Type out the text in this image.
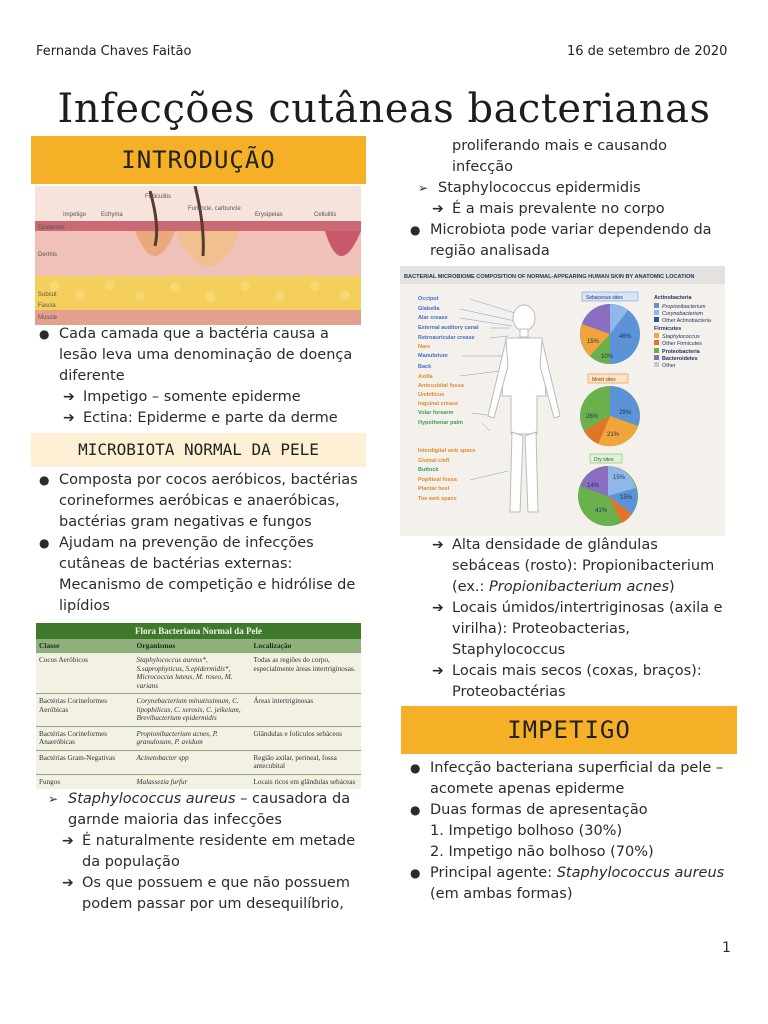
Fernanda Chaves Faitão	16 de setembro de 2020
Infecções cutâneas bacterianas
INTRODUÇÃO
Impetigo Echyma
Folliculitis
Furuncle, carbuncle
Erysipelas	Cellulitis
Epidermis
Dermis
Subcut
Fascia
Muscle
● Cada camada que a bactéria causa a lesão leva uma denominação de doença diferente
➔ Impetigo – somente epiderme
➔ Ectina: Epiderme e parte da derme
MICROBIOTA NORMAL DA PELE
● Composta por cocos aeróbicos, bactérias corineformes aeróbicas e anaeróbicas, bactérias gram negativas e fungos
● Ajudam na prevenção de infecções cutâneas de bactérias externas: Mecanismo de competição e hidrólise de lipídios
Flora Bacteriana Normal da Pele
Classe	Organismos	Localização
Cocos Aeróbicos	Staphylococcus aureus*, S.saprophyticus, S.epidermidis*, Micrococcus luteus, M. roseo, M. varians	Todas as regiões do corpo, especialmente áreas intertriginosas.
Bactérias Corineformes Aeróbicas	Corynebacterium minutissimum, C. lipophilicus, C. xerosis, C. jeikeium, Brevibacterium epidermidis	Áreas intertriginosas
Bactérias Corineformes Anaeróbicas	Propionibacterium acnes, P. granulosum, P. avidum	Glândulas e folículos sebáceos
Bactérias Gram-Negativas	Acinetobacter spp	Região axilar, perineal, fossa antecubital
Fungos	Malassezia furfur	Locais ricos em glândulas sebáceas
➢ Staphylococcus aureus – causadora da garnde maioria das infecções
➔ É naturalmente residente em metade da população
➔ Os que possuem e que não possuem podem passar por um desequilíbrio,
proliferando mais e causando infecção
➢ Staphylococcus epidermidis
➔ É a mais prevalente no corpo
● Microbiota pode variar dependendo da região analisada
BACTERIAL MICROBIOME COMPOSITION OF NORMAL-APPEARING HUMAN SKIN BY ANATOMIC LOCATION
Occiput
Glabella
Alar crease
External auditory canal
Retroauricular crease
Manubrium
Back
Nare
Axilla
Antecubital fossa
Umbilicus
Inguinal crease
Interdigital web space
Gluteal cleft
Popliteal fossa
Plantar heel
Toe web space
Volar forearm
Hypothenar palm
Buttock
Sebaceous sites
46%
15%
10%
Moist sites
29%
26%
21%
Dry sites
15%
15%
14%
41%
Actinobacteria
Propionibacterium
Corynebacterium
Other Actinobacteria
Firmicutes
Staphylococcus
Other Firmicutes
Proteobacteria
Bacteroidetes
Other
➔ Alta densidade de glândulas sebáceas (rosto): Propionibacterium (ex.: Propionibacterium acnes)
➔ Locais úmidos/intertriginosas (axila e virilha): Proteobacterias, Staphylococcus
➔ Locais mais secos (coxas, braços): Proteobactérias
IMPETIGO
● Infecção bacteriana superficial da pele – acomete apenas epiderme
● Duas formas de apresentação
1. Impetigo bolhoso (30%)
2. Impetigo não bolhoso (70%)
● Principal agente: Staphylococcus aureus (em ambas formas)
1
